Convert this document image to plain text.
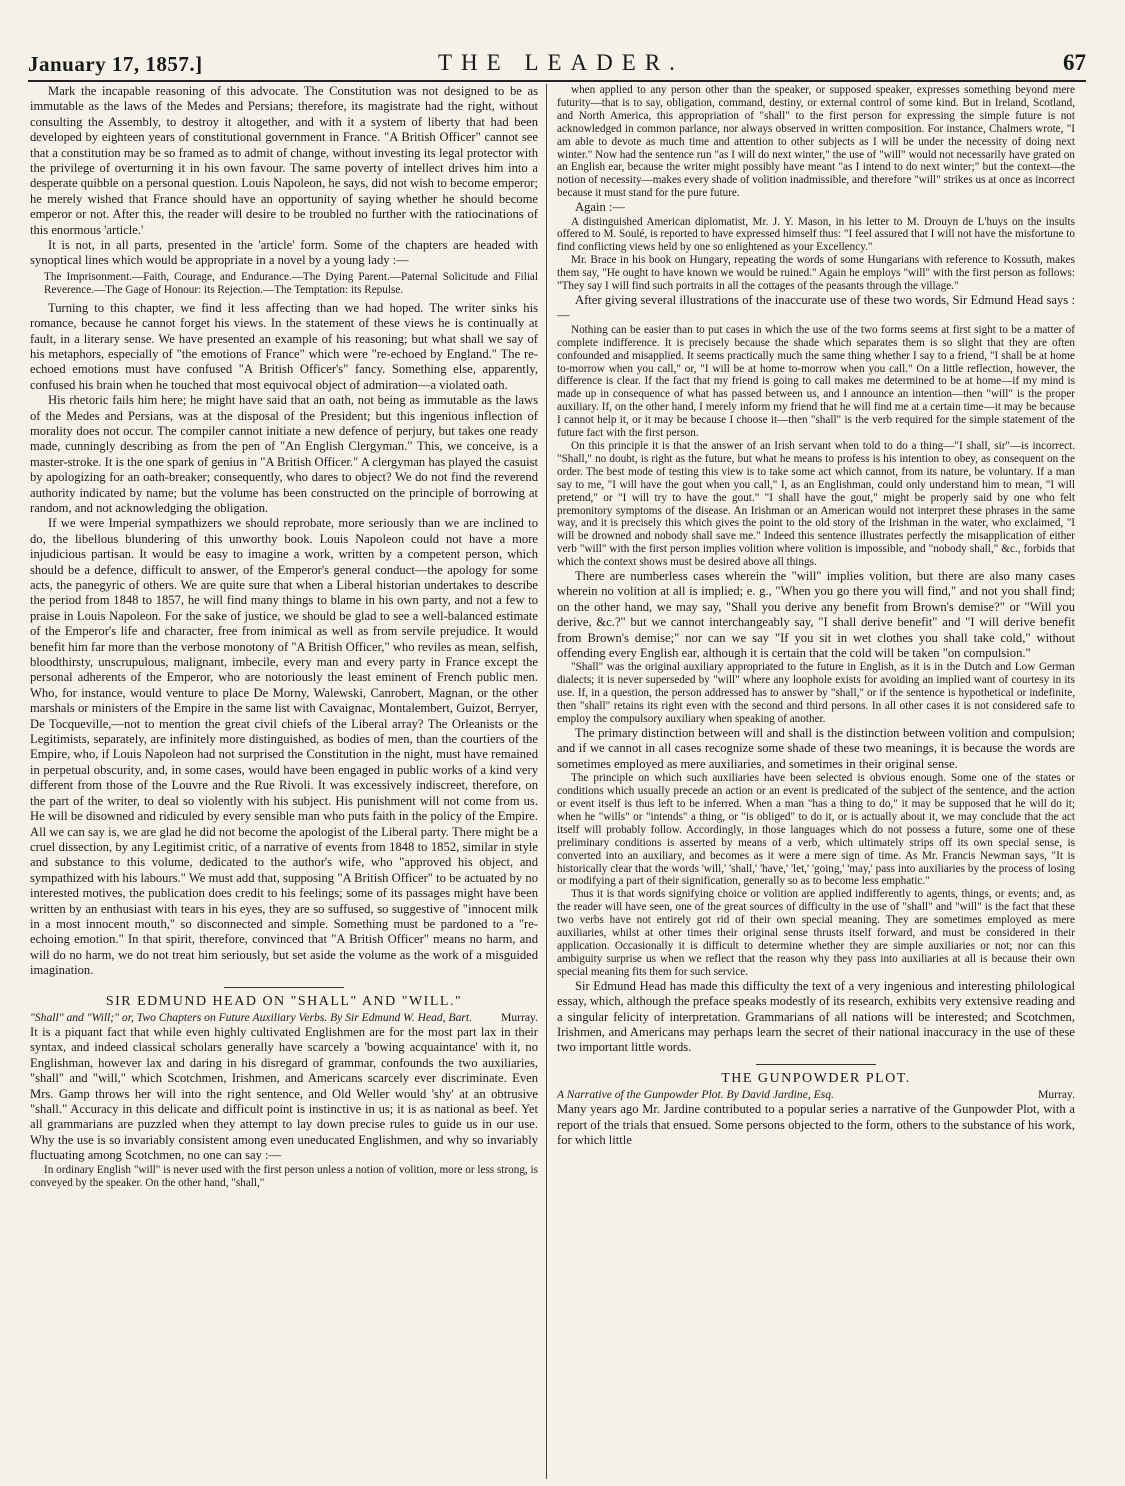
January 17, 1857.]	THE LEADER.	67

Mark the incapable reasoning of this advocate. The Constitution was not designed to be as immutable as the laws of the Medes and Persians; therefore, its magistrate had the right, without consulting the Assembly, to destroy it altogether, and with it a system of liberty that had been developed by eighteen years of constitutional government in France. "A British Officer" cannot see that a constitution may be so framed as to admit of change, without investing its legal protector with the privilege of overturning it in his own favour. The same poverty of intellect drives him into a desperate quibble on a personal question. Louis Napoleon, he says, did not wish to become emperor; he merely wished that France should have an opportunity of saying whether he should become emperor or not. After this, the reader will desire to be troubled no further with the ratiocinations of this enormous 'article.'

It is not, in all parts, presented in the 'article' form. Some of the chapters are headed with synoptical lines which would be appropriate in a novel by a young lady :—

The Imprisonment.—Faith, Courage, and Endurance.—The Dying Parent.—Paternal Solicitude and Filial Reverence.—The Gage of Honour: its Rejection.—The Temptation: its Repulse.

Turning to this chapter, we find it less affecting than we had hoped. The writer sinks his romance, because he cannot forget his views. In the statement of these views he is continually at fault, in a literary sense. We have presented an example of his reasoning; but what shall we say of his metaphors, especially of "the emotions of France" which were "re-echoed by England." The re-echoed emotions must have confused "A British Officer's" fancy. Something else, apparently, confused his brain when he touched that most equivocal object of admiration—a violated oath.

His rhetoric fails him here; he might have said that an oath, not being as immutable as the laws of the Medes and Persians, was at the disposal of the President; but this ingenious inflection of morality does not occur. The compiler cannot initiate a new defence of perjury, but takes one ready made, cunningly describing as from the pen of "An English Clergyman." This, we conceive, is a master-stroke. It is the one spark of genius in "A British Officer." A clergyman has played the casuist by apologizing for an oath-breaker; consequently, who dares to object? We do not find the reverend authority indicated by name; but the volume has been constructed on the principle of borrowing at random, and not acknowledging the obligation.

If we were Imperial sympathizers we should reprobate, more seriously than we are inclined to do, the libellous blundering of this unworthy book. Louis Napoleon could not have a more injudicious partisan. It would be easy to imagine a work, written by a competent person, which should be a defence, difficult to answer, of the Emperor's general conduct—the apology for some acts, the panegyric of others. We are quite sure that when a Liberal historian undertakes to describe the period from 1848 to 1857, he will find many things to blame in his own party, and not a few to praise in Louis Napoleon. For the sake of justice, we should be glad to see a well-balanced estimate of the Emperor's life and character, free from inimical as well as from servile prejudice. It would benefit him far more than the verbose monotony of "A British Officer," who reviles as mean, selfish, bloodthirsty, unscrupulous, malignant, imbecile, every man and every party in France except the personal adherents of the Emperor, who are notoriously the least eminent of French public men. Who, for instance, would venture to place De Morny, Walewski, Canrobert, Magnan, or the other marshals or ministers of the Empire in the same list with Cavaignac, Montalembert, Guizot, Berryer, De Tocqueville,—not to mention the great civil chiefs of the Liberal array? The Orleanists or the Legitimists, separately, are infinitely more distinguished, as bodies of men, than the courtiers of the Empire, who, if Louis Napoleon had not surprised the Constitution in the night, must have remained in perpetual obscurity, and, in some cases, would have been engaged in public works of a kind very different from those of the Louvre and the Rue Rivoli. It was excessively indiscreet, therefore, on the part of the writer, to deal so violently with his subject. His punishment will not come from us. He will be disowned and ridiculed by every sensible man who puts faith in the policy of the Empire. All we can say is, we are glad he did not become the apologist of the Liberal party. There might be a cruel dissection, by any Legitimist critic, of a narrative of events from 1848 to 1852, similar in style and substance to this volume, dedicated to the author's wife, who "approved his object, and sympathized with his labours." We must add that, supposing "A British Officer" to be actuated by no interested motives, the publication does credit to his feelings; some of its passages might have been written by an enthusiast with tears in his eyes, they are so suffused, so suggestive of "innocent milk in a most innocent mouth," so disconnected and simple. Something must be pardoned to a "re-echoing emotion." In that spirit, therefore, convinced that "A British Officer" means no harm, and will do no harm, we do not treat him seriously, but set aside the volume as the work of a misguided imagination.

SIR EDMUND HEAD ON "SHALL" AND "WILL."

"Shall" and "Will;" or, Two Chapters on Future Auxiliary Verbs. By Sir Edmund W. Head, Bart.	Murray.

It is a piquant fact that while even highly cultivated Englishmen are for the most part lax in their syntax, and indeed classical scholars generally have scarcely a 'bowing acquaintance' with it, no Englishman, however lax and daring in his disregard of grammar, confounds the two auxiliaries, "shall" and "will," which Scotchmen, Irishmen, and Americans scarcely ever discriminate. Even Mrs. Gamp throws her will into the right sentence, and Old Weller would 'shy' at an obtrusive "shall." Accuracy in this delicate and difficult point is instinctive in us; it is as national as beef. Yet all grammarians are puzzled when they attempt to lay down precise rules to guide us in our use. Why the use is so invariably consistent among even uneducated Englishmen, and why so invariably fluctuating among Scotchmen, no one can say :—

In ordinary English "will" is never used with the first person unless a notion of volition, more or less strong, is conveyed by the speaker. On the other hand, "shall,"

when applied to any person other than the speaker, or supposed speaker, expresses something beyond mere futurity—that is to say, obligation, command, destiny, or external control of some kind. But in Ireland, Scotland, and North America, this appropriation of "shall" to the first person for expressing the simple future is not acknowledged in common parlance, nor always observed in written composition. For instance, Chalmers wrote, "I am able to devote as much time and attention to other subjects as I will be under the necessity of doing next winter." Now had the sentence run "as I will do next winter," the use of "will" would not necessarily have grated on an English ear, because the writer might possibly have meant "as I intend to do next winter;" but the context—the notion of necessity—makes every shade of volition inadmissible, and therefore "will" strikes us at once as incorrect because it must stand for the pure future.

Again :—

A distinguished American diplomatist, Mr. J. Y. Mason, in his letter to M. Drouyn de L'huys on the insults offered to M. Soulé, is reported to have expressed himself thus: "I feel assured that I will not have the misfortune to find conflicting views held by one so enlightened as your Excellency."

Mr. Brace in his book on Hungary, repeating the words of some Hungarians with reference to Kossuth, makes them say, "He ought to have known we would be ruined." Again he employs "will" with the first person as follows: "They say I will find such portraits in all the cottages of the peasants through the village."

After giving several illustrations of the inaccurate use of these two words, Sir Edmund Head says :—

Nothing can be easier than to put cases in which the use of the two forms seems at first sight to be a matter of complete indifference. It is precisely because the shade which separates them is so slight that they are often confounded and misapplied. It seems practically much the same thing whether I say to a friend, "I shall be at home to-morrow when you call," or, "I will be at home to-morrow when you call." On a little reflection, however, the difference is clear. If the fact that my friend is going to call makes me determined to be at home—if my mind is made up in consequence of what has passed between us, and I announce an intention—then "will" is the proper auxiliary. If, on the other hand, I merely inform my friend that he will find me at a certain time—it may be because I cannot help it, or it may be because I choose it—then "shall" is the verb required for the simple statement of the future fact with the first person.

On this principle it is that the answer of an Irish servant when told to do a thing—"I shall, sir"—is incorrect. "Shall," no doubt, is right as the future, but what he means to profess is his intention to obey, as consequent on the order. The best mode of testing this view is to take some act which cannot, from its nature, be voluntary. If a man say to me, "I will have the gout when you call," I, as an Englishman, could only understand him to mean, "I will pretend," or "I will try to have the gout." "I shall have the gout," might be properly said by one who felt premonitory symptoms of the disease. An Irishman or an American would not interpret these phrases in the same way, and it is precisely this which gives the point to the old story of the Irishman in the water, who exclaimed, "I will be drowned and nobody shall save me." Indeed this sentence illustrates perfectly the misapplication of either verb "will" with the first person implies volition where volition is impossible, and "nobody shall," &c., forbids that which the context shows must be desired above all things.

There are numberless cases wherein the "will" implies volition, but there are also many cases wherein no volition at all is implied; e. g., "When you go there you will find," and not you shall find; on the other hand, we may say, "Shall you derive any benefit from Brown's demise?" or "Will you derive, &c.?" but we cannot interchangeably say, "I shall derive benefit" and "I will derive benefit from Brown's demise;" nor can we say "If you sit in wet clothes you shall take cold," without offending every English ear, although it is certain that the cold will be taken "on compulsion."

"Shall" was the original auxiliary appropriated to the future in English, as it is in the Dutch and Low German dialects; it is never superseded by "will" where any loophole exists for avoiding an implied want of courtesy in its use. If, in a question, the person addressed has to answer by "shall," or if the sentence is hypothetical or indefinite, then "shall" retains its right even with the second and third persons. In all other cases it is not considered safe to employ the compulsory auxiliary when speaking of another.

The primary distinction between will and shall is the distinction between volition and compulsion; and if we cannot in all cases recognize some shade of these two meanings, it is because the words are sometimes employed as mere auxiliaries, and sometimes in their original sense.

The principle on which such auxiliaries have been selected is obvious enough. Some one of the states or conditions which usually precede an action or an event is predicated of the subject of the sentence, and the action or event itself is thus left to be inferred. When a man "has a thing to do," it may be supposed that he will do it; when he "wills" or "intends" a thing, or "is obliged" to do it, or is actually about it, we may conclude that the act itself will probably follow. Accordingly, in those languages which do not possess a future, some one of these preliminary conditions is asserted by means of a verb, which ultimately strips off its own special sense, is converted into an auxiliary, and becomes as it were a mere sign of time. As Mr. Francis Newman says, "It is historically clear that the words 'will,' 'shall,' 'have,' 'let,' 'going,' 'may,' pass into auxiliaries by the process of losing or modifying a part of their signification, generally so as to become less emphatic."

Thus it is that words signifying choice or volition are applied indifferently to agents, things, or events; and, as the reader will have seen, one of the great sources of difficulty in the use of "shall" and "will" is the fact that these two verbs have not entirely got rid of their own special meaning. They are sometimes employed as mere auxiliaries, whilst at other times their original sense thrusts itself forward, and must be considered in their application. Occasionally it is difficult to determine whether they are simple auxiliaries or not; nor can this ambiguity surprise us when we reflect that the reason why they pass into auxiliaries at all is because their own special meaning fits them for such service.

Sir Edmund Head has made this difficulty the text of a very ingenious and interesting philological essay, which, although the preface speaks modestly of its research, exhibits very extensive reading and a singular felicity of interpretation. Grammarians of all nations will be interested; and Scotchmen, Irishmen, and Americans may perhaps learn the secret of their national inaccuracy in the use of these two important little words.

THE GUNPOWDER PLOT.

A Narrative of the Gunpowder Plot. By David Jardine, Esq.	Murray.

Many years ago Mr. Jardine contributed to a popular series a narrative of the Gunpowder Plot, with a report of the trials that ensued. Some persons objected to the form, others to the substance of his work, for which little
